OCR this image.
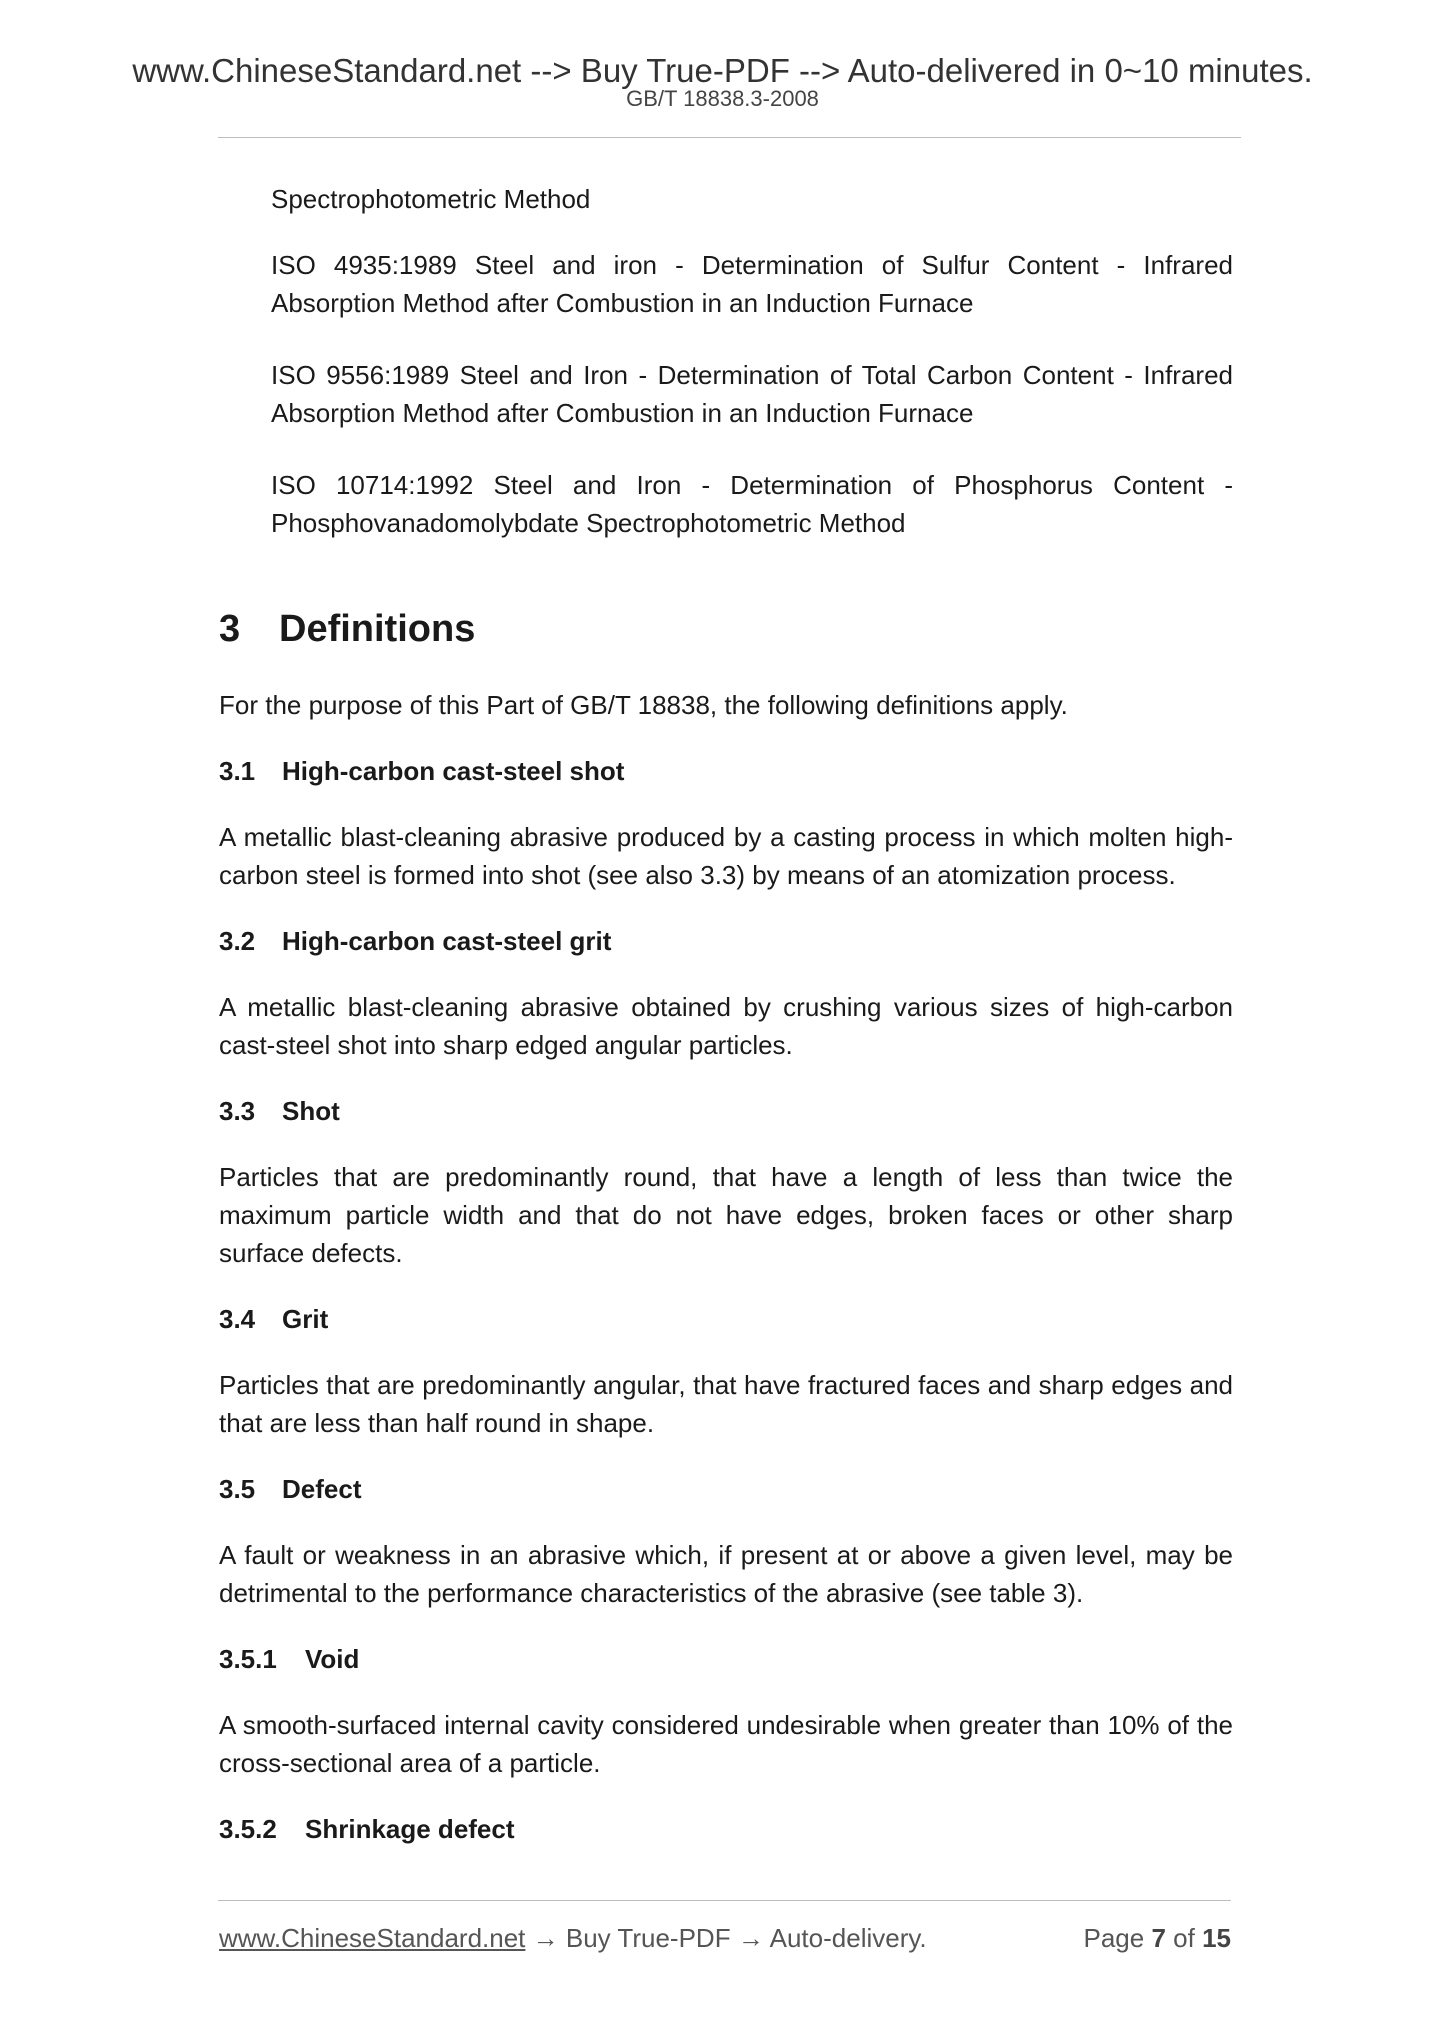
www.ChineseStandard.net --> Buy True-PDF --> Auto-delivered in 0~10 minutes.
GB/T 18838.3-2008

Spectrophotometric Method

ISO 4935:1989 Steel and iron - Determination of Sulfur Content - Infrared Absorption Method after Combustion in an Induction Furnace

ISO 9556:1989 Steel and Iron - Determination of Total Carbon Content - Infrared Absorption Method after Combustion in an Induction Furnace

ISO 10714:1992 Steel and Iron - Determination of Phosphorus Content - Phosphovanadomolybdate Spectrophotometric Method

3 Definitions

For the purpose of this Part of GB/T 18838, the following definitions apply.

3.1 High-carbon cast-steel shot

A metallic blast-cleaning abrasive produced by a casting process in which molten high-carbon steel is formed into shot (see also 3.3) by means of an atomization process.

3.2 High-carbon cast-steel grit

A metallic blast-cleaning abrasive obtained by crushing various sizes of high-carbon cast-steel shot into sharp edged angular particles.

3.3 Shot

Particles that are predominantly round, that have a length of less than twice the maximum particle width and that do not have edges, broken faces or other sharp surface defects.

3.4 Grit

Particles that are predominantly angular, that have fractured faces and sharp edges and that are less than half round in shape.

3.5 Defect

A fault or weakness in an abrasive which, if present at or above a given level, may be detrimental to the performance characteristics of the abrasive (see table 3).

3.5.1 Void

A smooth-surfaced internal cavity considered undesirable when greater than 10% of the cross-sectional area of a particle.

3.5.2 Shrinkage defect
www.ChineseStandard.net → Buy True-PDF → Auto-delivery.	Page 7 of 15
